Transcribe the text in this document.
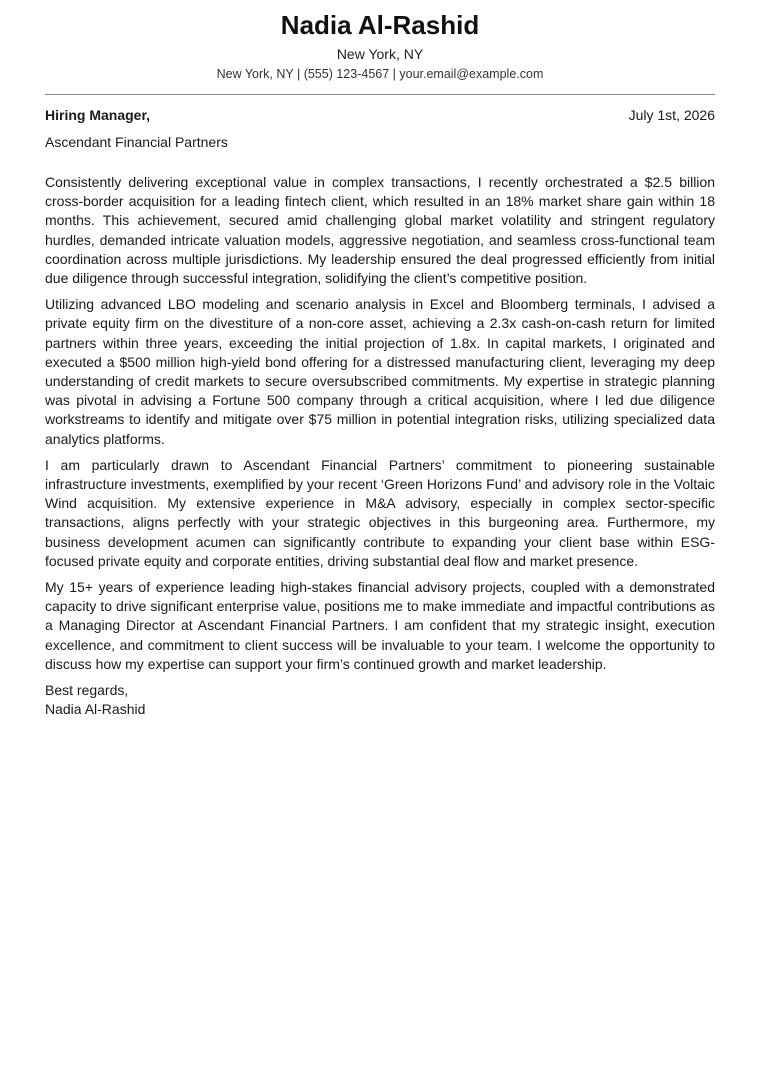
Nadia Al-Rashid
New York, NY
New York, NY | (555) 123-4567 | your.email@example.com
Hiring Manager,	July 1st, 2026
Ascendant Financial Partners

Consistently delivering exceptional value in complex transactions, I recently orchestrated a $2.5 billion cross-border acquisition for a leading fintech client, which resulted in an 18% market share gain within 18 months. This achievement, secured amid challenging global market volatility and stringent regulatory hurdles, demanded intricate valuation models, aggressive negotiation, and seamless cross-functional team coordination across multiple jurisdictions. My leadership ensured the deal progressed efficiently from initial due diligence through successful integration, solidifying the client’s competitive position.

Utilizing advanced LBO modeling and scenario analysis in Excel and Bloomberg terminals, I advised a private equity firm on the divestiture of a non-core asset, achieving a 2.3x cash-on-cash return for limited partners within three years, exceeding the initial projection of 1.8x. In capital markets, I originated and executed a $500 million high-yield bond offering for a distressed manufacturing client, leveraging my deep understanding of credit markets to secure oversubscribed commitments. My expertise in strategic planning was pivotal in advising a Fortune 500 company through a critical acquisition, where I led due diligence workstreams to identify and mitigate over $75 million in potential integration risks, utilizing specialized data analytics platforms.

I am particularly drawn to Ascendant Financial Partners’ commitment to pioneering sustainable infrastructure investments, exemplified by your recent ‘Green Horizons Fund’ and advisory role in the Voltaic Wind acquisition. My extensive experience in M&A advisory, especially in complex sector-specific transactions, aligns perfectly with your strategic objectives in this burgeoning area. Furthermore, my business development acumen can significantly contribute to expanding your client base within ESG-focused private equity and corporate entities, driving substantial deal flow and market presence.

My 15+ years of experience leading high-stakes financial advisory projects, coupled with a demonstrated capacity to drive significant enterprise value, positions me to make immediate and impactful contributions as a Managing Director at Ascendant Financial Partners. I am confident that my strategic insight, execution excellence, and commitment to client success will be invaluable to your team. I welcome the opportunity to discuss how my expertise can support your firm’s continued growth and market leadership.

Best regards,
Nadia Al-Rashid
